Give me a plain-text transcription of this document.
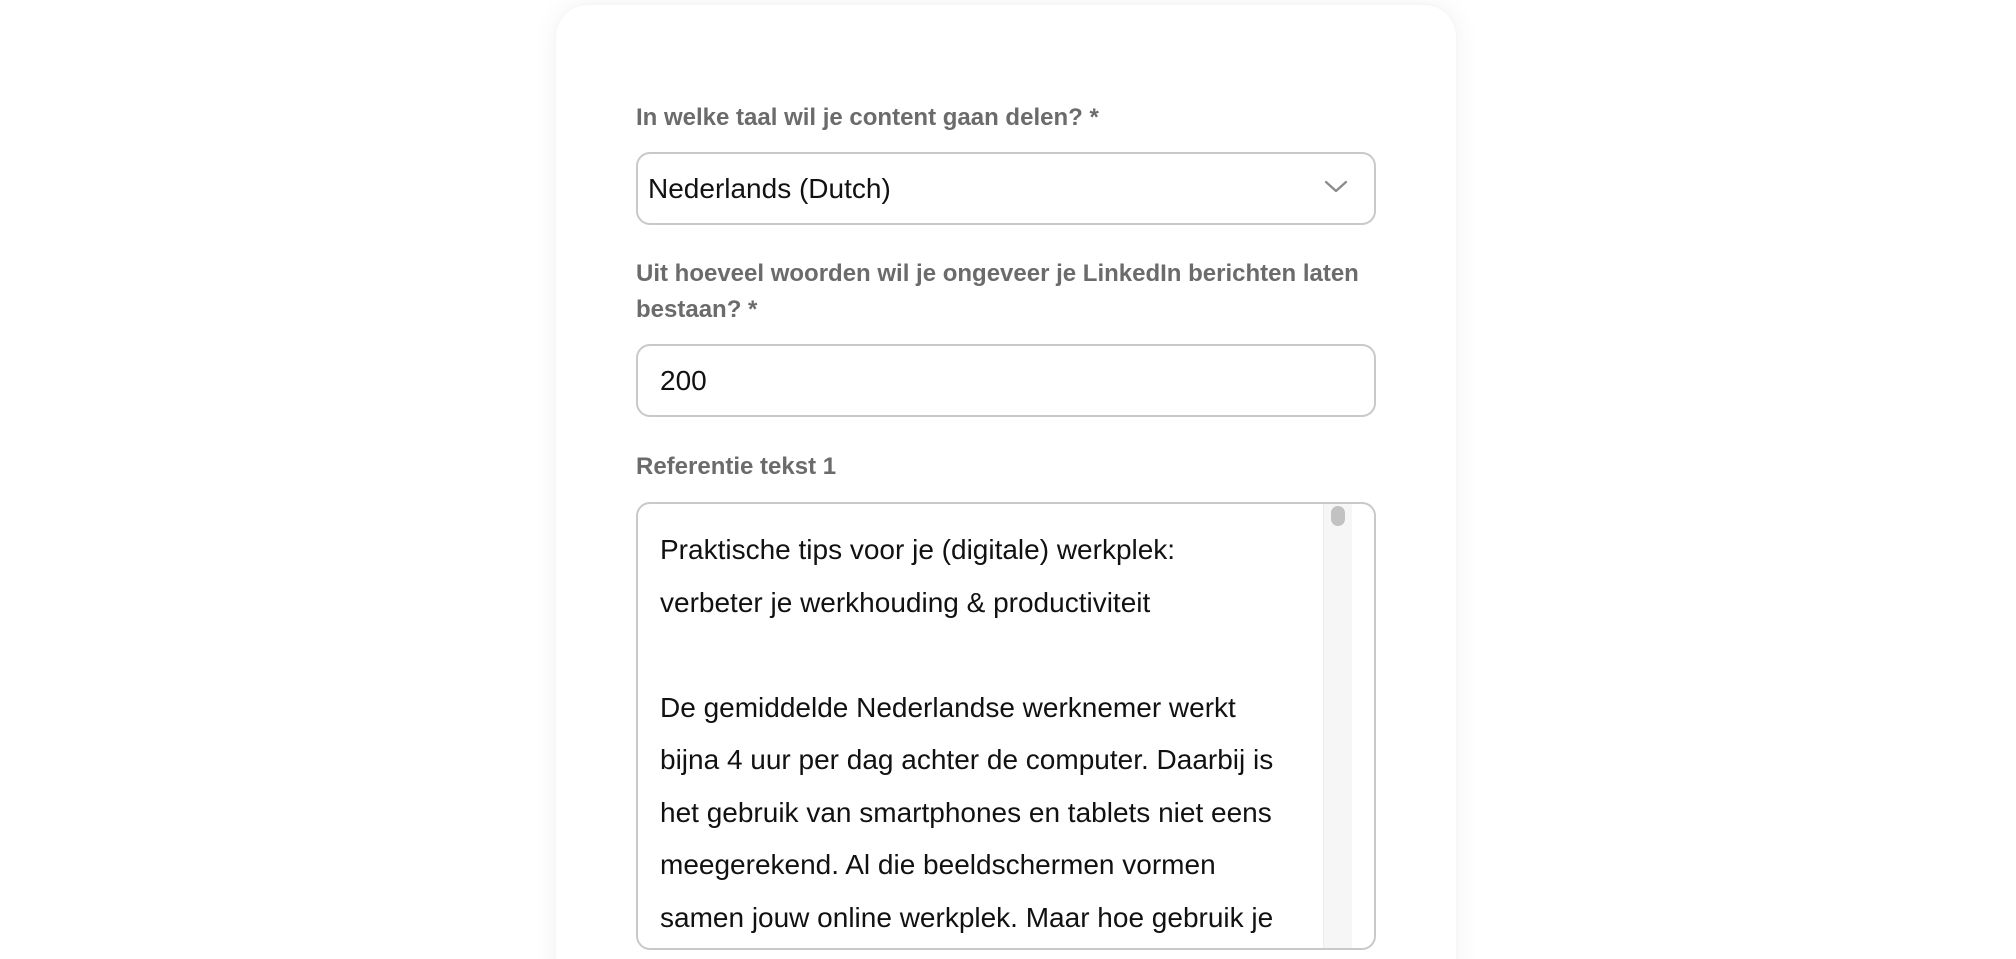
In welke taal wil je content gaan delen? *
Nederlands (Dutch)
Uit hoeveel woorden wil je ongeveer je LinkedIn berichten laten
bestaan? *
200
Referentie tekst 1

Praktische tips voor je (digitale) werkplek:

verbeter je werkhouding & productiviteit

De gemiddelde Nederlandse werknemer werkt

bijna 4 uur per dag achter de computer. Daarbij is

het gebruik van smartphones en tablets niet eens

meegerekend. Al die beeldschermen vormen

samen jouw online werkplek. Maar hoe gebruik je
